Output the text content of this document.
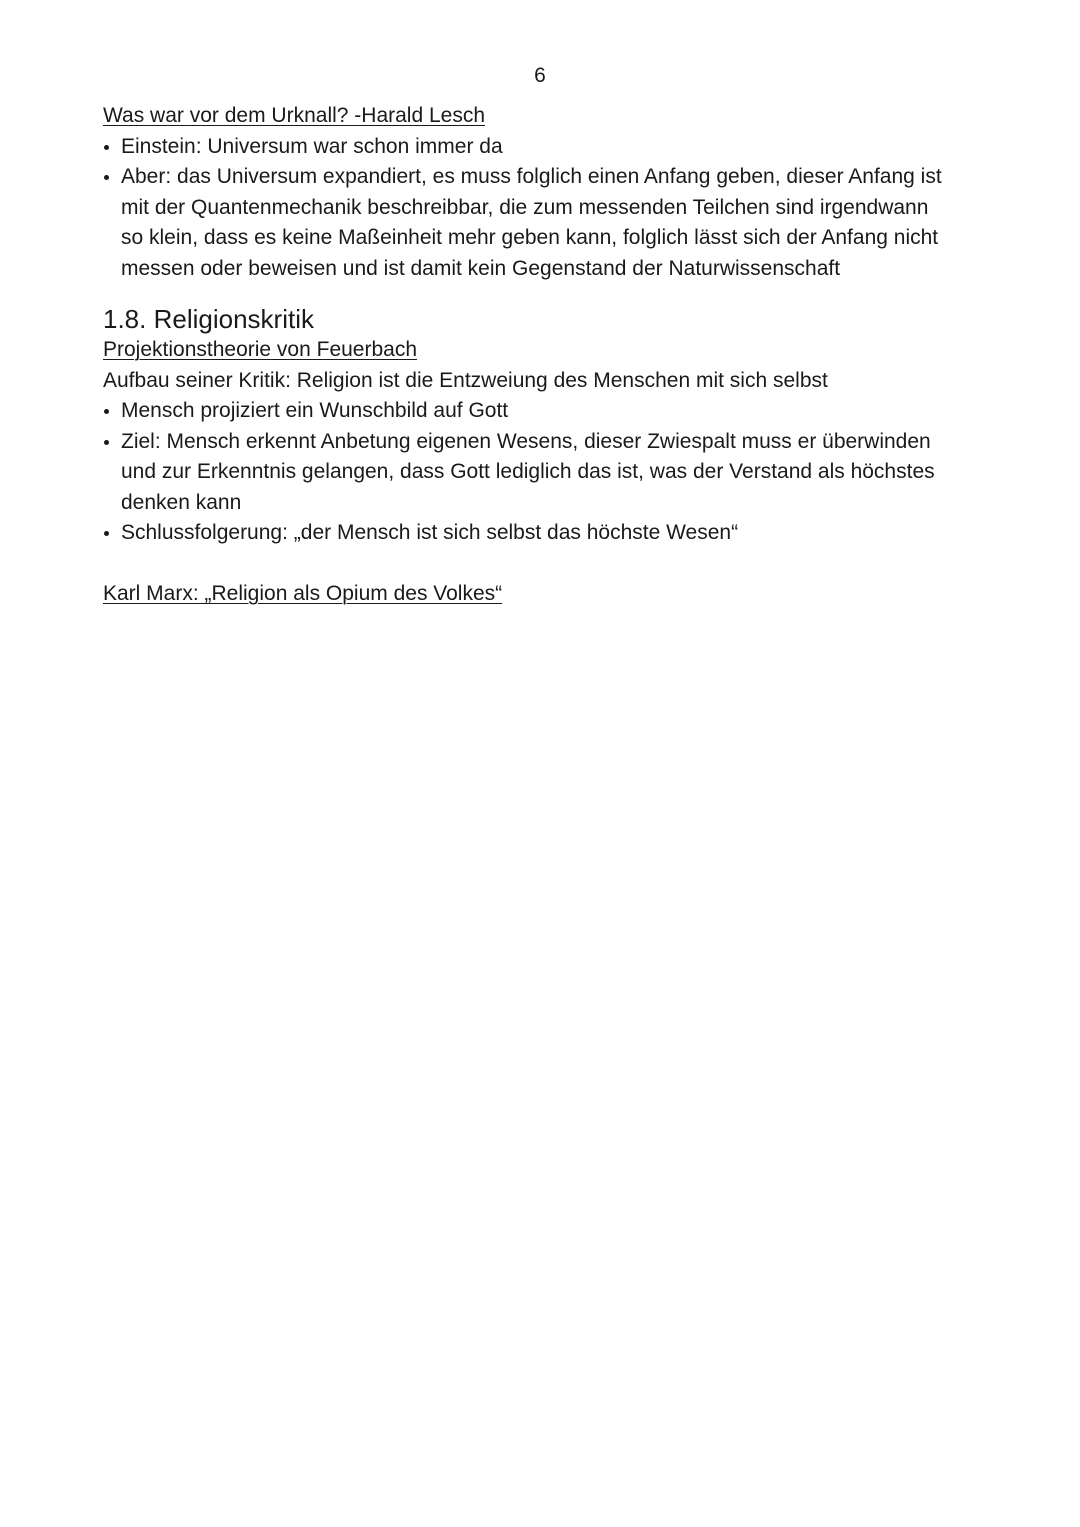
6
Was war vor dem Urknall? -Harald Lesch
Einstein: Universum war schon immer da
Aber: das Universum expandiert, es muss folglich einen Anfang geben, dieser Anfang ist
mit der Quantenmechanik beschreibbar, die zum messenden Teilchen sind irgendwann
so klein, dass es keine Maßeinheit mehr geben kann, folglich lässt sich der Anfang nicht
messen oder beweisen und ist damit kein Gegenstand der Naturwissenschaft
1.8. Religionskritik
Projektionstheorie von Feuerbach
Aufbau seiner Kritik: Religion ist die Entzweiung des Menschen mit sich selbst
Mensch projiziert ein Wunschbild auf Gott
Ziel: Mensch erkennt Anbetung eigenen Wesens, dieser Zwiespalt muss er überwinden
und zur Erkenntnis gelangen, dass Gott lediglich das ist, was der Verstand als höchstes
denken kann
Schlussfolgerung: „der Mensch ist sich selbst das höchste Wesen“
Karl Marx: „Religion als Opium des Volkes“
